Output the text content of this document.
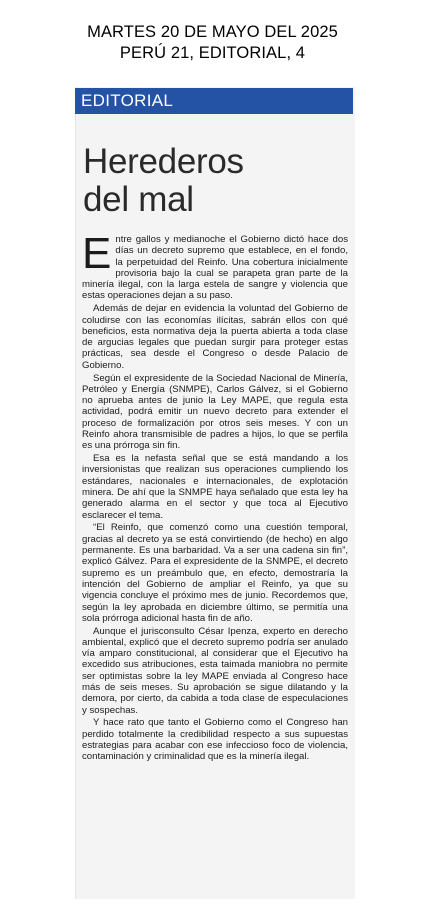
MARTES 20 DE MAYO DEL 2025
PERÚ 21, EDITORIAL, 4
EDITORIAL
Herederos
del mal

Entre gallos y medianoche el Gobierno dictó hace dos días un decreto supremo que establece, en el fondo, la perpetuidad del Reinfo. Una cobertura inicialmente provisoria bajo la cual se parapeta gran parte de la minería ilegal, con la larga estela de sangre y violencia que estas operaciones dejan a su paso.

Además de dejar en evidencia la voluntad del Gobierno de coludirse con las economías ilícitas, sabrán ellos con qué beneficios, esta normativa deja la puerta abierta a toda clase de argucias legales que puedan surgir para proteger estas prácticas, sea desde el Congreso o desde Palacio de Gobierno.

Según el expresidente de la Sociedad Nacional de Minería, Petróleo y Energía (SNMPE), Carlos Gálvez, si el Gobierno no aprueba antes de junio la Ley MAPE, que regula esta actividad, podrá emitir un nuevo decreto para extender el proceso de formalización por otros seis meses. Y con un Reinfo ahora transmisible de padres a hijos, lo que se perfila es una prórroga sin fin.

Esa es la nefasta señal que se está mandando a los inversionistas que realizan sus operaciones cumpliendo los estándares, nacionales e internacionales, de explotación minera. De ahí que la SNMPE haya señalado que esta ley ha generado alarma en el sector y que toca al Ejecutivo esclarecer el tema.

“El Reinfo, que comenzó como una cuestión temporal, gracias al decreto ya se está convirtiendo (de hecho) en algo permanente. Es una barbaridad. Va a ser una cadena sin fin”, explicó Gálvez. Para el expresidente de la SNMPE, el decreto supremo es un preámbulo que, en efecto, demostraría la intención del Gobierno de ampliar el Reinfo, ya que su vigencia concluye el próximo mes de junio. Recordemos que, según la ley aprobada en diciembre último, se permitía una sola prórroga adicional hasta fin de año.

Aunque el jurisconsulto César Ipenza, experto en derecho ambiental, explicó que el decreto supremo podría ser anulado vía amparo constitucional, al considerar que el Ejecutivo ha excedido sus atribuciones, esta taimada maniobra no permite ser optimistas sobre la ley MAPE enviada al Congreso hace más de seis meses. Su aprobación se sigue dilatando y la demora, por cierto, da cabida a toda clase de especulaciones y sospechas.

Y hace rato que tanto el Gobierno como el Congreso han perdido totalmente la credibilidad respecto a sus supuestas estrategias para acabar con ese infeccioso foco de violencia, contaminación y criminalidad que es la minería ilegal.
